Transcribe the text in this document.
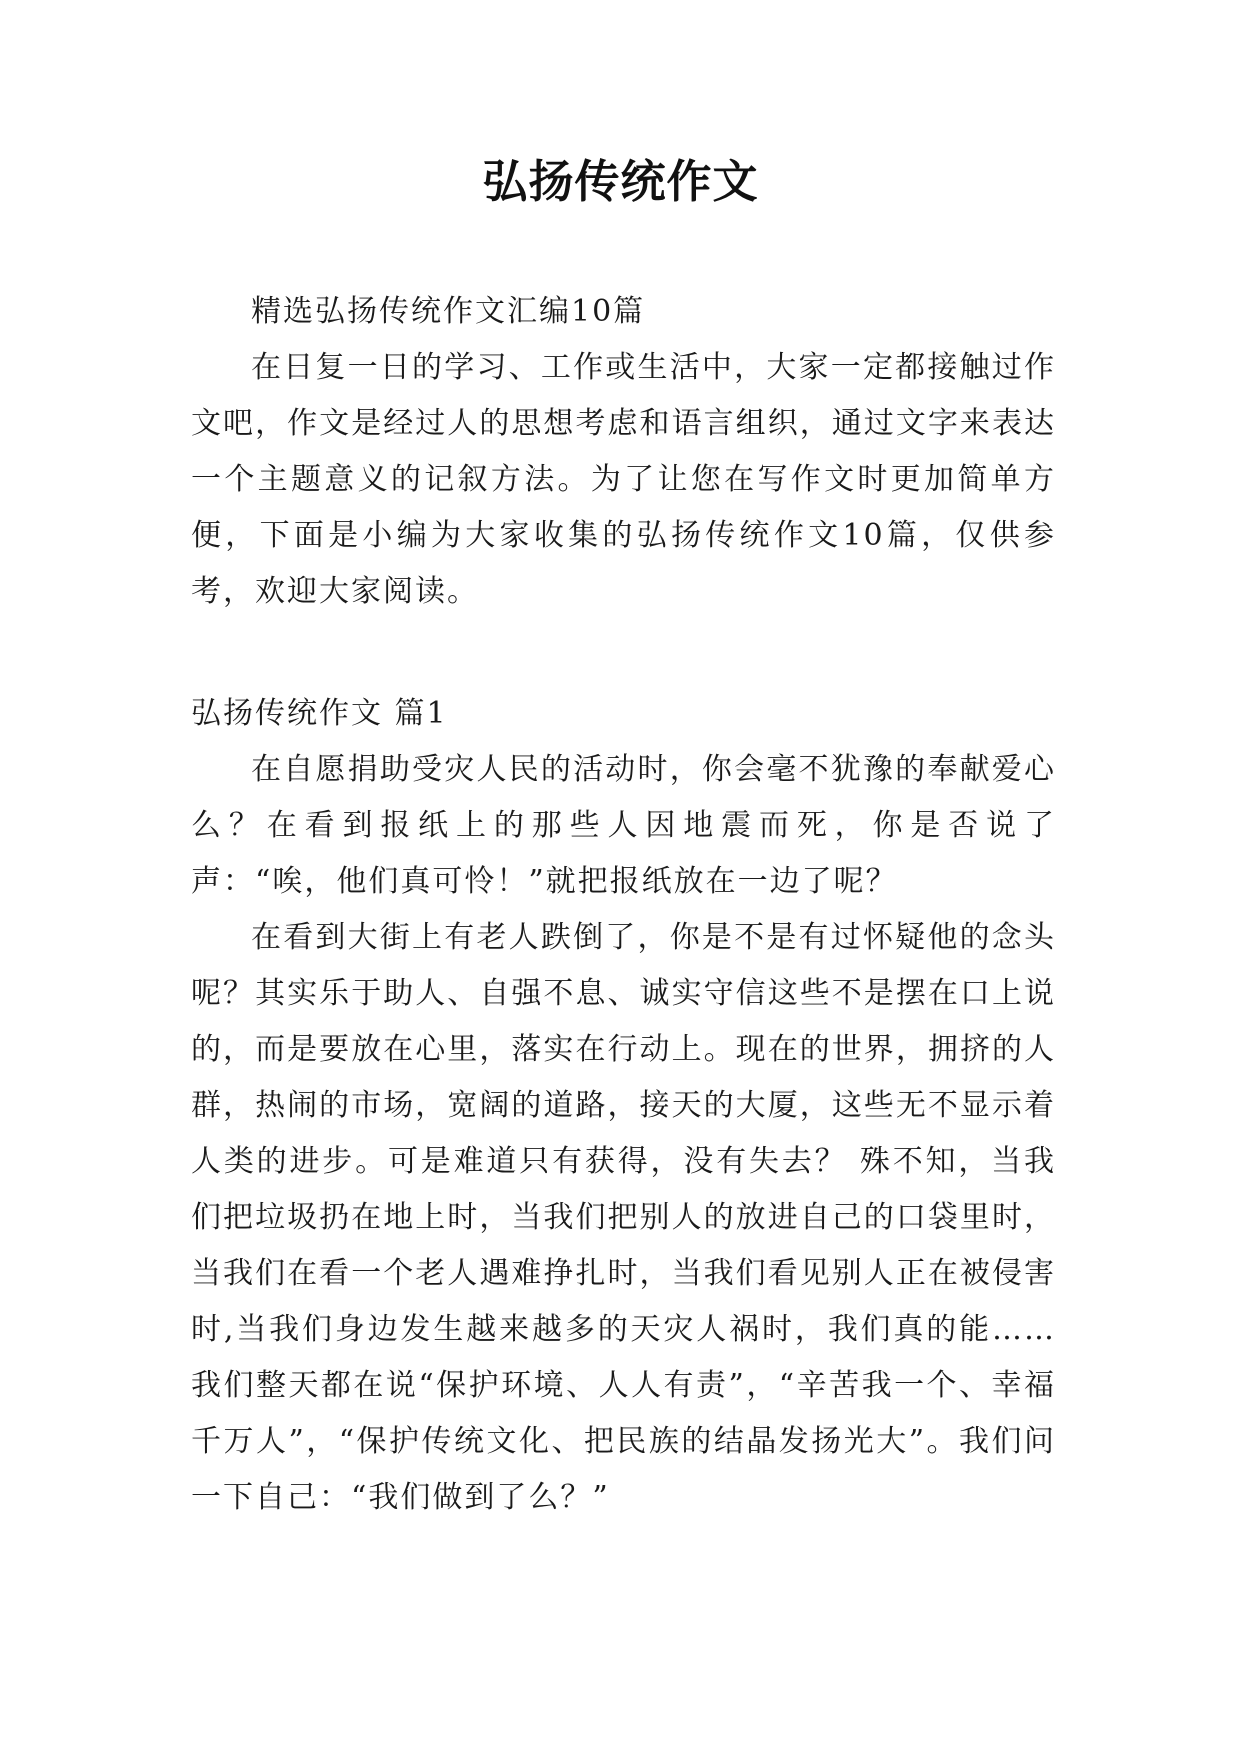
弘扬传统作文

精选弘扬传统作文汇编10篇

在日复一日的学习、工作或生活中，大家一定都接触过作文吧，作文是经过人的思想考虑和语言组织，通过文字来表达一个主题意义的记叙方法。为了让您在写作文时更加简单方便，下面是小编为大家收集的弘扬传统作文10篇，仅供参考，欢迎大家阅读。

弘扬传统作文 篇1

在自愿捐助受灾人民的活动时，你会毫不犹豫的奉献爱心么？在看到报纸上的那些人因地震而死，你是否说了声：“唉，他们真可怜！”就把报纸放在一边了呢？

在看到大街上有老人跌倒了，你是不是有过怀疑他的念头呢？其实乐于助人、自强不息、诚实守信这些不是摆在口上说的，而是要放在心里，落实在行动上。现在的世界，拥挤的人群，热闹的市场，宽阔的道路，接天的大厦，这些无不显示着人类的进步。可是难道只有获得，没有失去？ 殊不知，当我们把垃圾扔在地上时，当我们把别人的放进自己的口袋里时，当我们在看一个老人遇难挣扎时，当我们看见别人正在被侵害时,当我们身边发生越来越多的天灾人祸时，我们真的能……我们整天都在说“保护环境、人人有责”，“辛苦我一个、幸福千万人”，“保护传统文化、把民族的结晶发扬光大”。我们问一下自己：“我们做到了么？”
